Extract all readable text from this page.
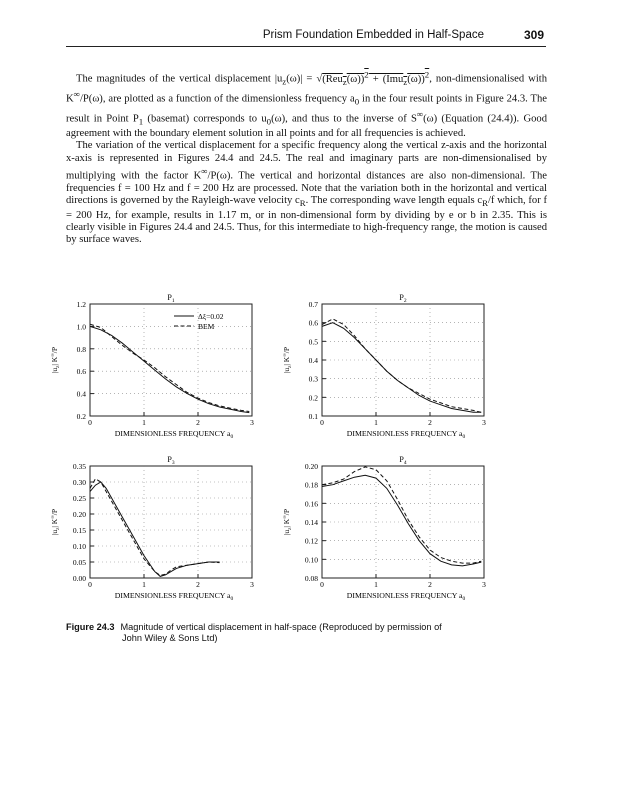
Prism Foundation Embedded in Half-Space	309

The magnitudes of the vertical displacement $|u_z(\omega)| = √(Reu_z(\omega))^2 + (Imu_z(\omega))^2$, non-dimensionalised with K∞/P(ω), are plotted as a function of the dimensionless frequency $a_0$ in the four result points in Figure 24.3. The result in Point $P_1$ (basemat) corresponds to $u_0(\omega)$, and thus to the inverse of S∞(ω) (Equation (24.4)). Good agreement with the boundary element solution in all points and for all frequencies is achieved.

The variation of the vertical displacement for a specific frequency along the vertical z-axis and the horizontal x-axis is represented in Figures 24.4 and 24.5. The real and imaginary parts are non-dimensionalised by multiplying with the factor K∞/P(ω). The vertical and horizontal distances are also non-dimensional. The frequencies f = 100 Hz and f = 200 Hz are processed. Note that the variation both in the horizontal and vertical directions is governed by the Rayleigh-wave velocity $c_R$. The corresponding wave length equals $c_R/f$ which, for f = 200 Hz, for example, results in 1.17 m, or in non-dimensional form by dividing by e or b in 2.35. This is clearly visible in Figures 24.4 and 24.5. Thus, for this intermediate to high-frequency range, the motion is caused by surface waves.

0.2
0.4
0.6
0.8
1.0
1.2
0	1	2	3
$P_1$
DIMENSIONLESS FREQUENCY $a_0$
$|u_z|$ K∞/P
Δξ=0.02
BEM
0.1
0.2
0.3
0.4
0.5
0.6
0.7
0	1	2	3
$P_2$
DIMENSIONLESS FREQUENCY $a_0$
$|u_z|$ K∞/P
0.00
0.05
0.10
0.15
0.20
0.25
0.30
0.35
0	1	2	3
$P_3$
DIMENSIONLESS FREQUENCY $a_0$
$|u_z|$ K∞/P
0.08
0.10
0.12
0.14
0.16
0.18
0.20
0	1	2	3
$P_4$
DIMENSIONLESS FREQUENCY $a_0$
$|u_z|$ K∞/P
Figure 24.3 Magnitude of vertical displacement in half-space (Reproduced by permission of
John Wiley & Sons Ltd)
